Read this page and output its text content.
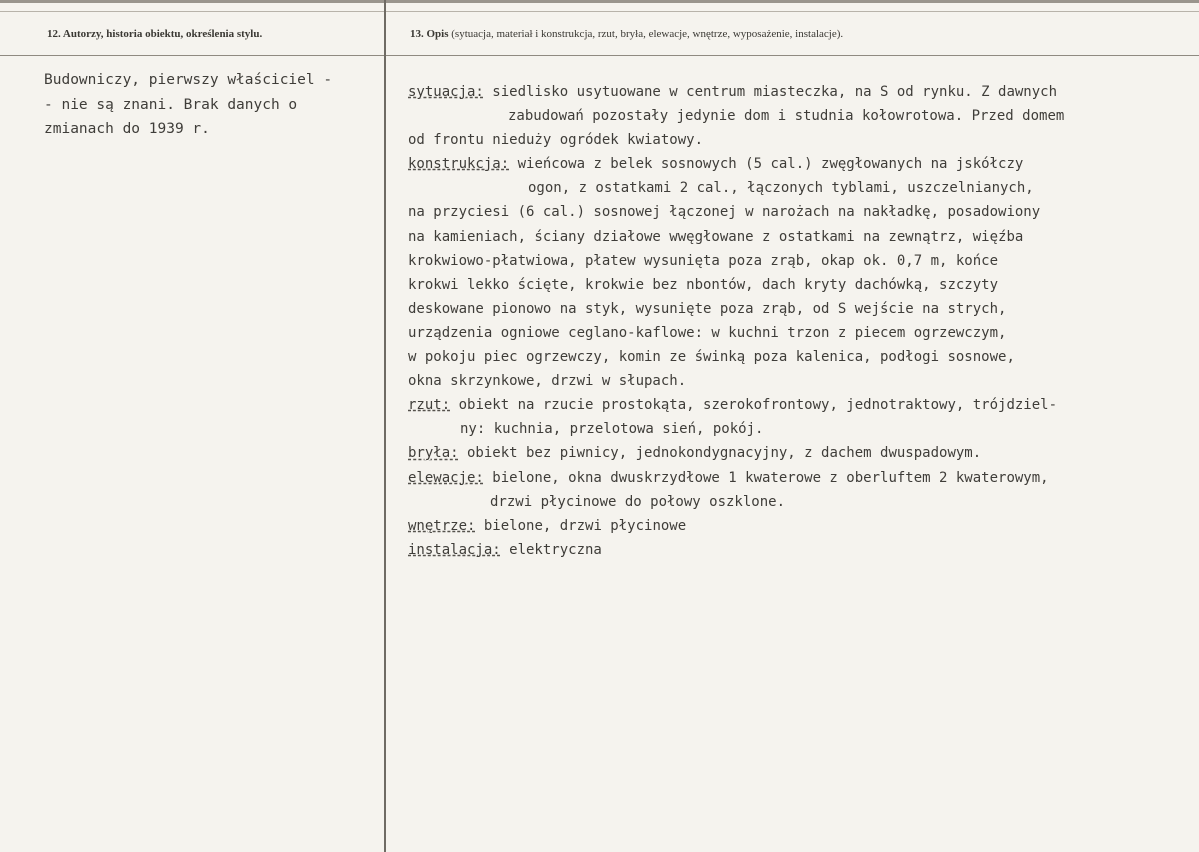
12. Autorzy, historia obiektu, określenia stylu.	13. Opis (sytuacja, materiał i konstrukcja, rzut, bryła, elewacje, wnętrze, wyposażenie, instalacje).
Budowniczy, pierwszy właściciel -
- nie są znani. Brak danych o
zmianach do 1939 r.
sytuacja: siedlisko usytuowane w centrum miasteczka, na S od rynku. Z dawnych
zabudowań pozostały jedynie dom i studnia kołowrotowa. Przed domem
od frontu nieduży ogródek kwiatowy.
konstrukcja: wieńcowa z belek sosnowych (5 cal.) zwęgłowanych na jskółczy
ogon, z ostatkami 2 cal., łączonych tyblami, uszczelnianych,
na przyciesi (6 cal.) sosnowej łączonej w narożach na nakładkę, posadowiony
na kamieniach, ściany działowe wwęgłowane z ostatkami na zewnątrz, więźba
krokwiowo-płatwiowa, płatew wysunięta poza zrąb, okap ok. 0,7 m, końce
krokwi lekko ścięte, krokwie bez nbontów, dach kryty dachówką, szczyty
deskowane pionowo na styk, wysunięte poza zrąb, od S wejście na strych,
urządzenia ogniowe ceglano-kaflowe: w kuchni trzon z piecem ogrzewczym,
w pokoju piec ogrzewczy, komin ze świnką poza kalenica, podłogi sosnowe,
okna skrzynkowe, drzwi w słupach.
rzut: obiekt na rzucie prostokąta, szerokofrontowy, jednotraktowy, trójdziel-
ny: kuchnia, przelotowa sień, pokój.
bryła: obiekt bez piwnicy, jednokondygnacyjny, z dachem dwuspadowym.
elewacje: bielone, okna dwuskrzydłowe 1 kwaterowe z oberluftem 2 kwaterowym,
drzwi płycinowe do połowy oszklone.
wnętrze: bielone, drzwi płycinowe
instalacja: elektryczna
